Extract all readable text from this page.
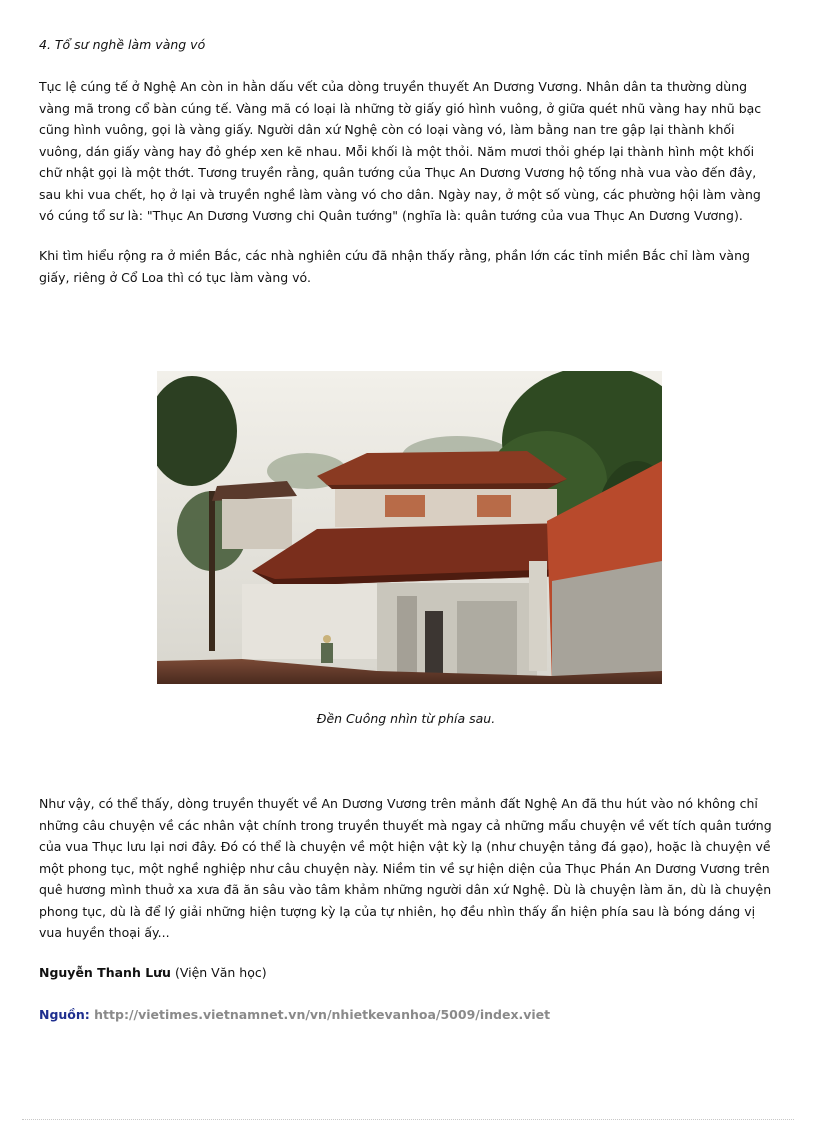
4. Tổ sư nghề làm vàng vó

Tục lệ cúng tế ở Nghệ An còn in hằn dấu vết của dòng truyền thuyết An Dương Vương. Nhân dân ta thường dùng vàng mã trong cổ bàn cúng tế. Vàng mã có loại là những tờ giấy gió hình vuông, ở giữa quét nhũ vàng hay nhũ bạc cũng hình vuông, gọi là vàng giấy. Người dân xứ Nghệ còn có loại vàng vó, làm bằng nan tre gập lại thành khối vuông, dán giấy vàng hay đỏ ghép xen kẽ nhau. Mỗi khối là một thỏi. Năm mươi thỏi ghép lại thành hình một khối chữ nhật gọi là một thớt. Tương truyền rằng, quân tướng của Thục An Dương Vương hộ tống nhà vua vào đến đây, sau khi vua chết, họ ở lại và truyền nghề làm vàng vó cho dân. Ngày nay, ở một số vùng, các phường hội làm vàng vó cúng tổ sư là: "Thục An Dương Vương chi Quân tướng" (nghĩa là: quân tướng của vua Thục An Dương Vương).

Khi tìm hiểu rộng ra ở miền Bắc, các nhà nghiên cứu đã nhận thấy rằng, phần lớn các tỉnh miền Bắc chỉ làm vàng giấy, riêng ở Cổ Loa thì có tục làm vàng vó.

Đền Cuông nhìn từ phía sau.

Như vậy, có thể thấy, dòng truyền thuyết về An Dương Vương trên mảnh đất Nghệ An đã thu hút vào nó không chỉ những câu chuyện về các nhân vật chính trong truyền thuyết mà ngay cả những mẩu chuyện về vết tích quân tướng của vua Thục lưu lại nơi đây. Đó có thể là chuyện về một hiện vật kỳ lạ (như chuyện tảng đá gạo), hoặc là chuyện về một phong tục, một nghề nghiệp như câu chuyện này. Niềm tin về sự hiện diện của Thục Phán An Dương Vương trên quê hương mình thuở xa xưa đã ăn sâu vào tâm khảm những người dân xứ Nghệ. Dù là chuyện làm ăn, dù là chuyện phong tục, dù là để lý giải những hiện tượng kỳ lạ của tự nhiên, họ đều nhìn thấy ẩn hiện phía sau là bóng dáng vị vua huyền thoại ấy...

Nguyễn Thanh Lưu (Viện Văn học)
Nguồn: http://vietimes.vietnamnet.vn/vn/nhietkevanhoa/5009/index.viet
